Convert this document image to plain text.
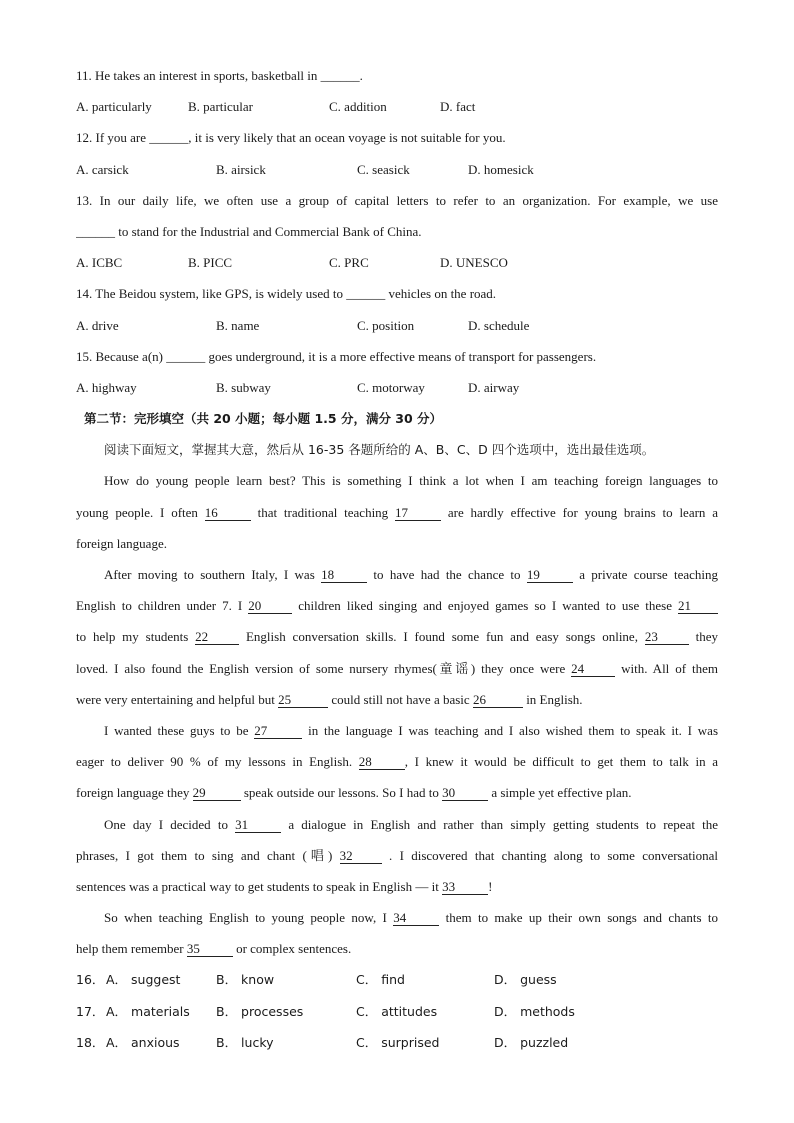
11. He takes an interest in sports, basketball in ______.
A. particularly	B. particular	C. addition	D. fact
12. If you are ______, it is very likely that an ocean voyage is not suitable for you.
A. carsick	B. airsick	C. seasick	D. homesick
13. In our daily life, we often use a group of capital letters to refer to an organization. For example, we use
______ to stand for the Industrial and Commercial Bank of China.
A. ICBC	B. PICC	C. PRC	D. UNESCO
14. The Beidou system, like GPS, is widely used to ______ vehicles on the road.
A. drive	B. name	C. position	D. schedule
15. Because a(n) ______ goes underground, it is a more effective means of transport for passengers.
A. highway	B. subway	C. motorway	D. airway
第二节：完形填空（共 20 小题；每小题 1.5 分，满分 30 分）
阅读下面短文，掌握其大意，然后从 16-35 各题所给的 A、B、C、D 四个选项中，选出最佳选项。
How do young people learn best? This is something I think a lot when I am teaching foreign languages to
young people. I often 16	that traditional teaching 17	are hardly effective for young brains to learn a
foreign language.
After moving to southern Italy, I was 18	to have had the chance to 19	a private course teaching
English to children under 7. I 20	children liked singing and enjoyed games so I wanted to use these 21
to help my students 22	English conversation skills. I found some fun and easy songs online, 23	they
loved. I also found the English version of some nursery rhymes(童谣) they once were 24	with. All of them
were very entertaining and helpful but 25	could still not have a basic 26	in English.
I wanted these guys to be 27	in the language I was teaching and I also wished them to speak it. I was
eager to deliver 90 % of my lessons in English. 28	, I knew it would be difficult to get them to talk in a
foreign language they 29	speak outside our lessons. So I had to 30	a simple yet effective plan.
One day I decided to 31	a dialogue in English and rather than simply getting students to repeat the
phrases, I got them to sing and chant (唱) 32	. I discovered that chanting along to some conversational
sentences was a practical way to get students to speak in English — it 33	!
So when teaching English to young people now, I 34	them to make up their own songs and chants to
help them remember 35	or complex sentences.
16． A． suggest	B． know	C． find	D． guess
17． A． materials	B． processes	C． attitudes	D． methods
18． A． anxious	B． lucky	C． surprised	D． puzzled
